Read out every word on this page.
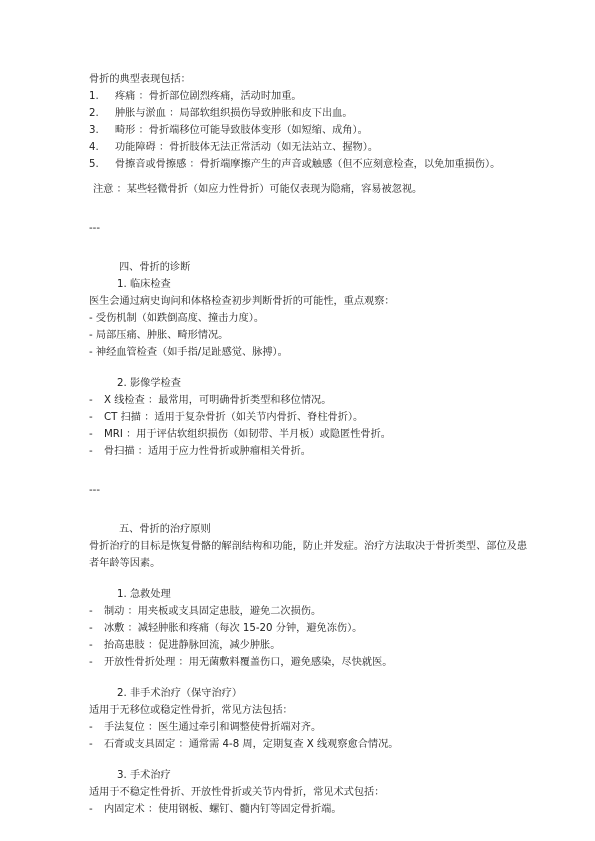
骨折的典型表现包括：
1. 疼痛 ：骨折部位剧烈疼痛，活动时加重。
2. 肿胀与淤血 ：局部软组织损伤导致肿胀和皮下出血。
3. 畸形 ：骨折端移位可能导致肢体变形（如短缩、成角）。
4. 功能障碍 ：骨折肢体无法正常活动（如无法站立、握物）。
5. 骨擦音或骨擦感 ：骨折端摩擦产生的声音或触感（但不应刻意检查，以免加重损伤）。
注意 ：某些轻微骨折（如应力性骨折）可能仅表现为隐痛，容易被忽视。
---
四、骨折的诊断
1. 临床检查
医生会通过病史询问和体格检查初步判断骨折的可能性，重点观察：
- 受伤机制（如跌倒高度、撞击力度）。
- 局部压痛、肿胀、畸形情况。
- 神经血管检查（如手指/足趾感觉、脉搏）。
2. 影像学检查
- X 线检查 ：最常用，可明确骨折类型和移位情况。
- CT 扫描 ：适用于复杂骨折（如关节内骨折、脊柱骨折）。
- MRI ：用于评估软组织损伤（如韧带、半月板）或隐匿性骨折。
- 骨扫描 ：适用于应力性骨折或肿瘤相关骨折。
---
五、骨折的治疗原则
骨折治疗的目标是恢复骨骼的解剖结构和功能，防止并发症。治疗方法取决于骨折类型、部位及患者年龄等因素。
1. 急救处理
- 制动 ：用夹板或支具固定患肢，避免二次损伤。
- 冰敷 ：减轻肿胀和疼痛（每次 15-20 分钟，避免冻伤）。
- 抬高患肢 ：促进静脉回流，减少肿胀。
- 开放性骨折处理 ：用无菌敷料覆盖伤口，避免感染，尽快就医。
2. 非手术治疗（保守治疗）
适用于无移位或稳定性骨折，常见方法包括：
- 手法复位 ：医生通过牵引和调整使骨折端对齐。
- 石膏或支具固定 ：通常需 4-8 周，定期复查 X 线观察愈合情况。
3. 手术治疗
适用于不稳定性骨折、开放性骨折或关节内骨折，常见术式包括：
- 内固定术 ：使用钢板、螺钉、髓内钉等固定骨折端。
